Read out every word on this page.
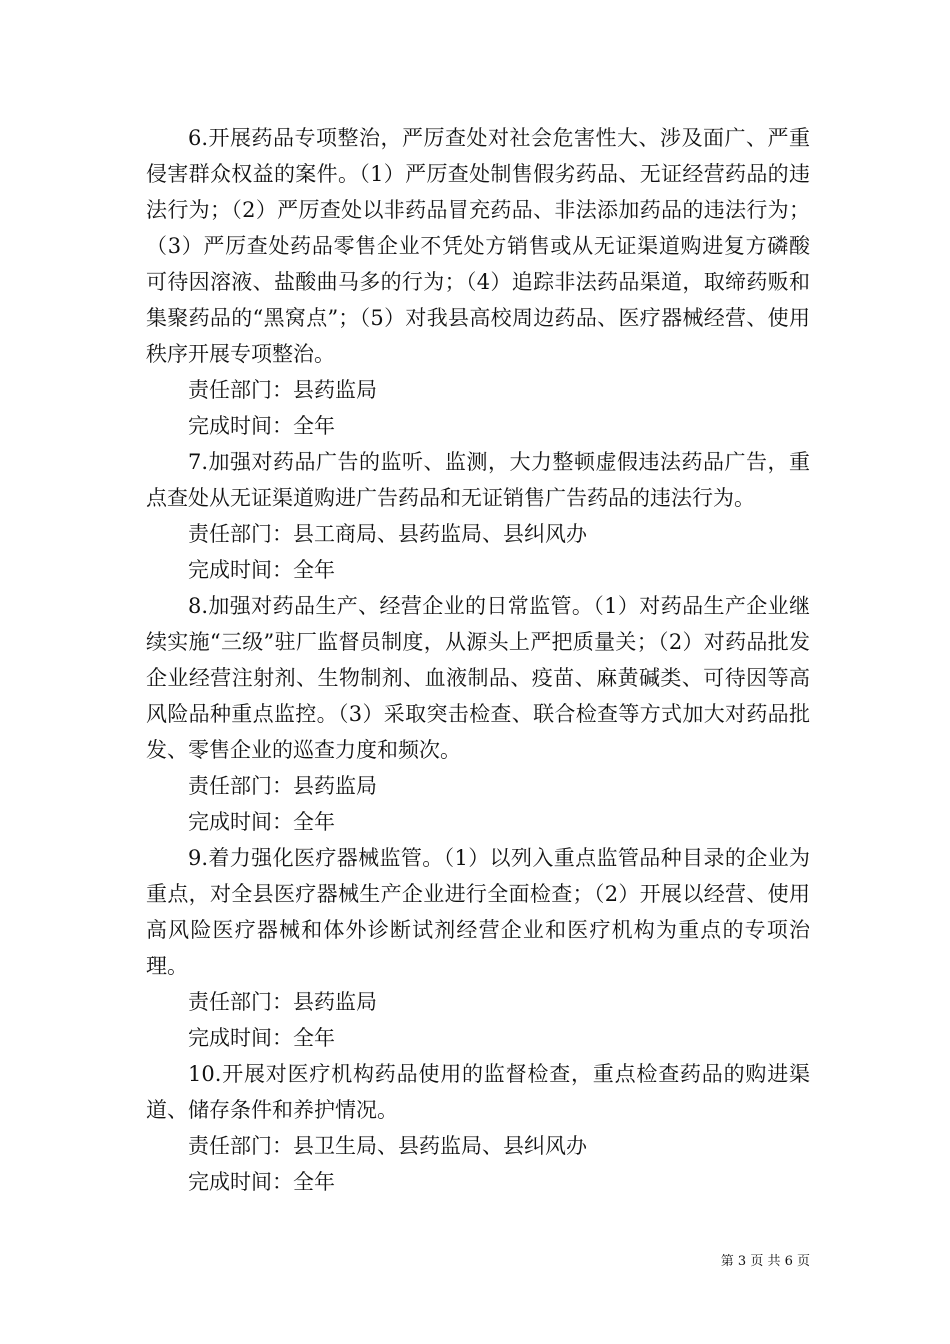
6.开展药品专项整治，严厉查处对社会危害性大、涉及面广、严重侵害群众权益的案件。（1）严厉查处制售假劣药品、无证经营药品的违法行为；（2）严厉查处以非药品冒充药品、非法添加药品的违法行为；（3）严厉查处药品零售企业不凭处方销售或从无证渠道购进复方磷酸可待因溶液、盐酸曲马多的行为；（4）追踪非法药品渠道，取缔药贩和集聚药品的“黑窝点”；（5）对我县高校周边药品、医疗器械经营、使用秩序开展专项整治。

责任部门：县药监局

完成时间：全年

7.加强对药品广告的监听、监测，大力整顿虚假违法药品广告，重点查处从无证渠道购进广告药品和无证销售广告药品的违法行为。

责任部门：县工商局、县药监局、县纠风办

完成时间：全年

8.加强对药品生产、经营企业的日常监管。（1）对药品生产企业继续实施“三级”驻厂监督员制度，从源头上严把质量关；（2）对药品批发企业经营注射剂、生物制剂、血液制品、疫苗、麻黄碱类、可待因等高风险品种重点监控。（3）采取突击检查、联合检查等方式加大对药品批发、零售企业的巡查力度和频次。

责任部门：县药监局

完成时间：全年

9.着力强化医疗器械监管。（1）以列入重点监管品种目录的企业为重点，对全县医疗器械生产企业进行全面检查；（2）开展以经营、使用高风险医疗器械和体外诊断试剂经营企业和医疗机构为重点的专项治理。

责任部门：县药监局

完成时间：全年

10.开展对医疗机构药品使用的监督检查，重点检查药品的购进渠道、储存条件和养护情况。

责任部门：县卫生局、县药监局、县纠风办

完成时间：全年

第 3 页 共 6 页
